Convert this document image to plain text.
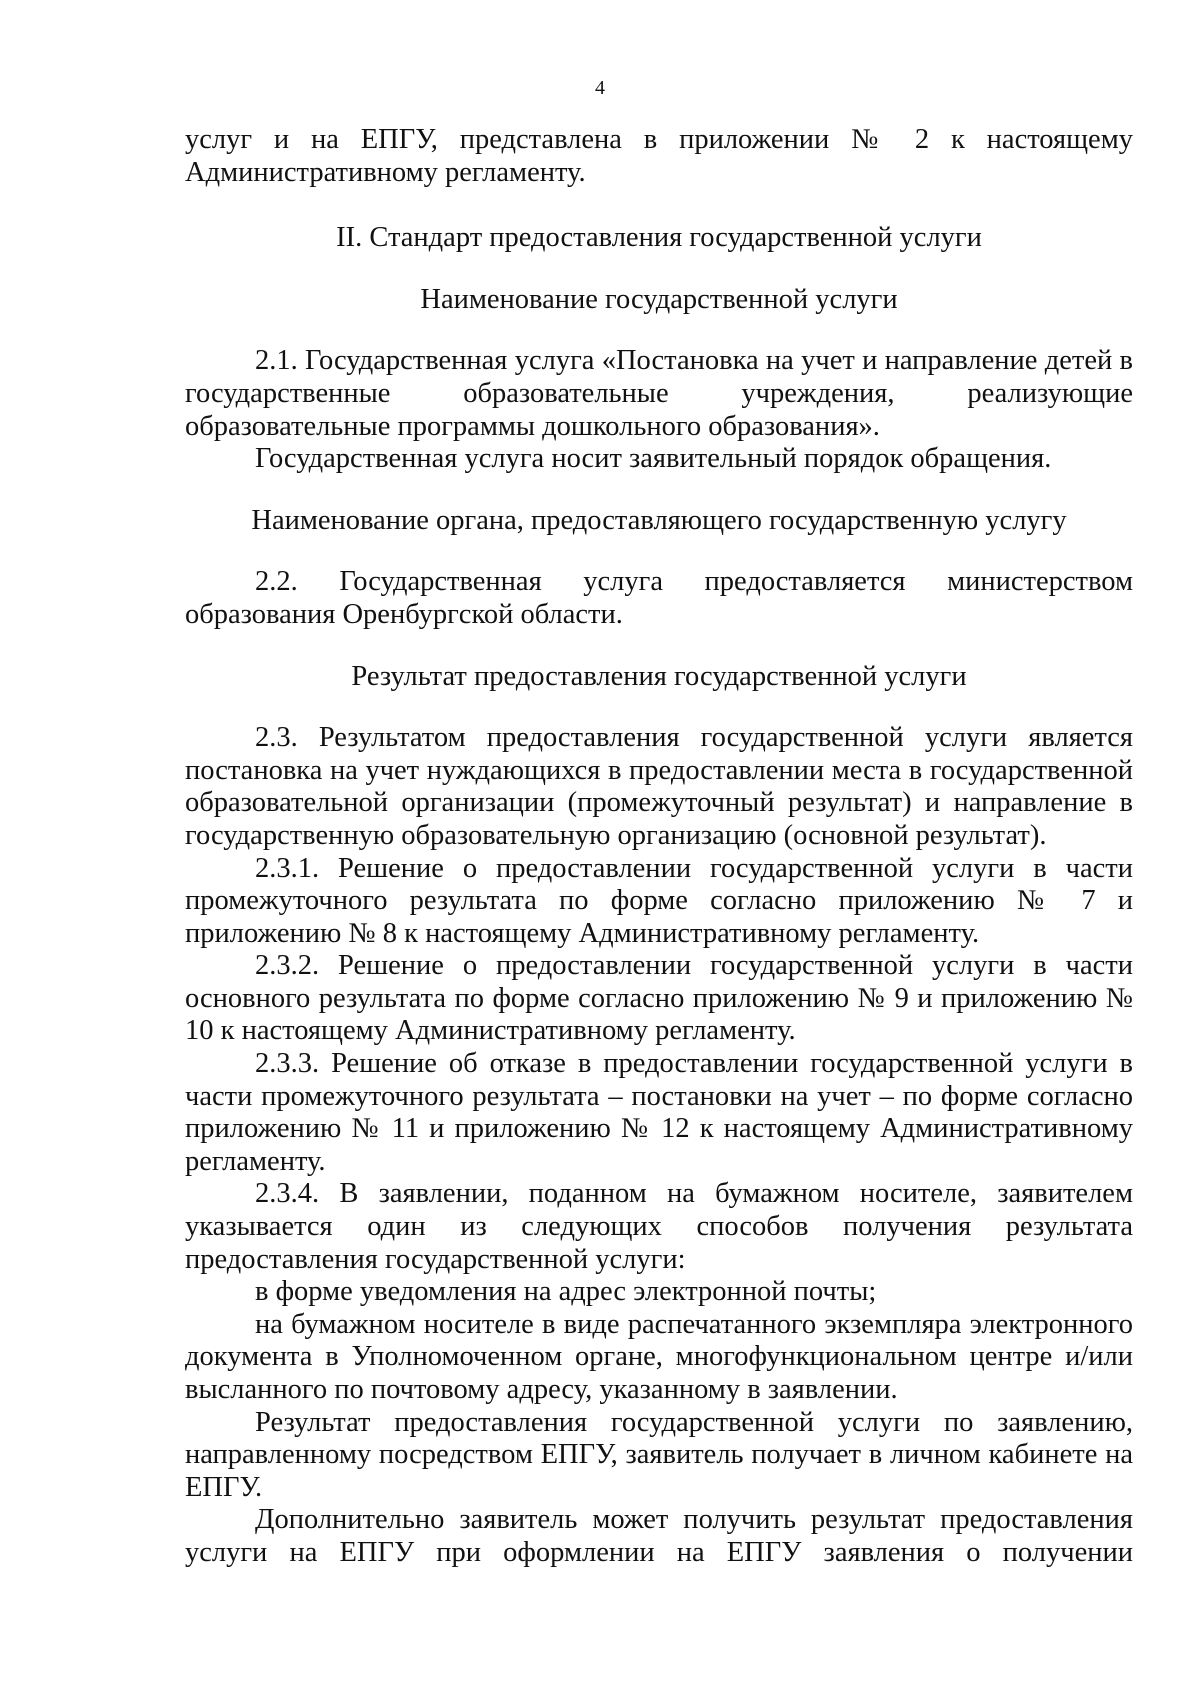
4

услуг и на ЕПГУ, представлена в приложении № 2 к настоящему Административному регламенту.

II. Стандарт предоставления государственной услуги

Наименование государственной услуги

2.1. Государственная услуга «Постановка на учет и направление детей в государственные образовательные учреждения, реализующие образовательные программы дошкольного образования».

Государственная услуга носит заявительный порядок обращения.

Наименование органа, предоставляющего государственную услугу

2.2. Государственная услуга предоставляется министерством образования Оренбургской области.

Результат предоставления государственной услуги

2.3. Результатом предоставления государственной услуги является постановка на учет нуждающихся в предоставлении места в государственной образовательной организации (промежуточный результат) и направление в государственную образовательную организацию (основной результат).

2.3.1. Решение о предоставлении государственной услуги в части промежуточного результата по форме согласно приложению № 7 и приложению № 8 к настоящему Административному регламенту.

2.3.2. Решение о предоставлении государственной услуги в части основного результата по форме согласно приложению № 9 и приложению № 10 к настоящему Административному регламенту.

2.3.3. Решение об отказе в предоставлении государственной услуги в части промежуточного результата – постановки на учет – по форме согласно приложению № 11 и приложению № 12 к настоящему Административному регламенту.

2.3.4. В заявлении, поданном на бумажном носителе, заявителем указывается один из следующих способов получения результата предоставления государственной услуги:

в форме уведомления на адрес электронной почты;

на бумажном носителе в виде распечатанного экземпляра электронного документа в Уполномоченном органе, многофункциональном центре и/или высланного по почтовому адресу, указанному в заявлении.

Результат предоставления государственной услуги по заявлению, направленному посредством ЕПГУ, заявитель получает в личном кабинете на ЕПГУ.

Дополнительно заявитель может получить результат предоставления услуги на ЕПГУ при оформлении на ЕПГУ заявления о получении
